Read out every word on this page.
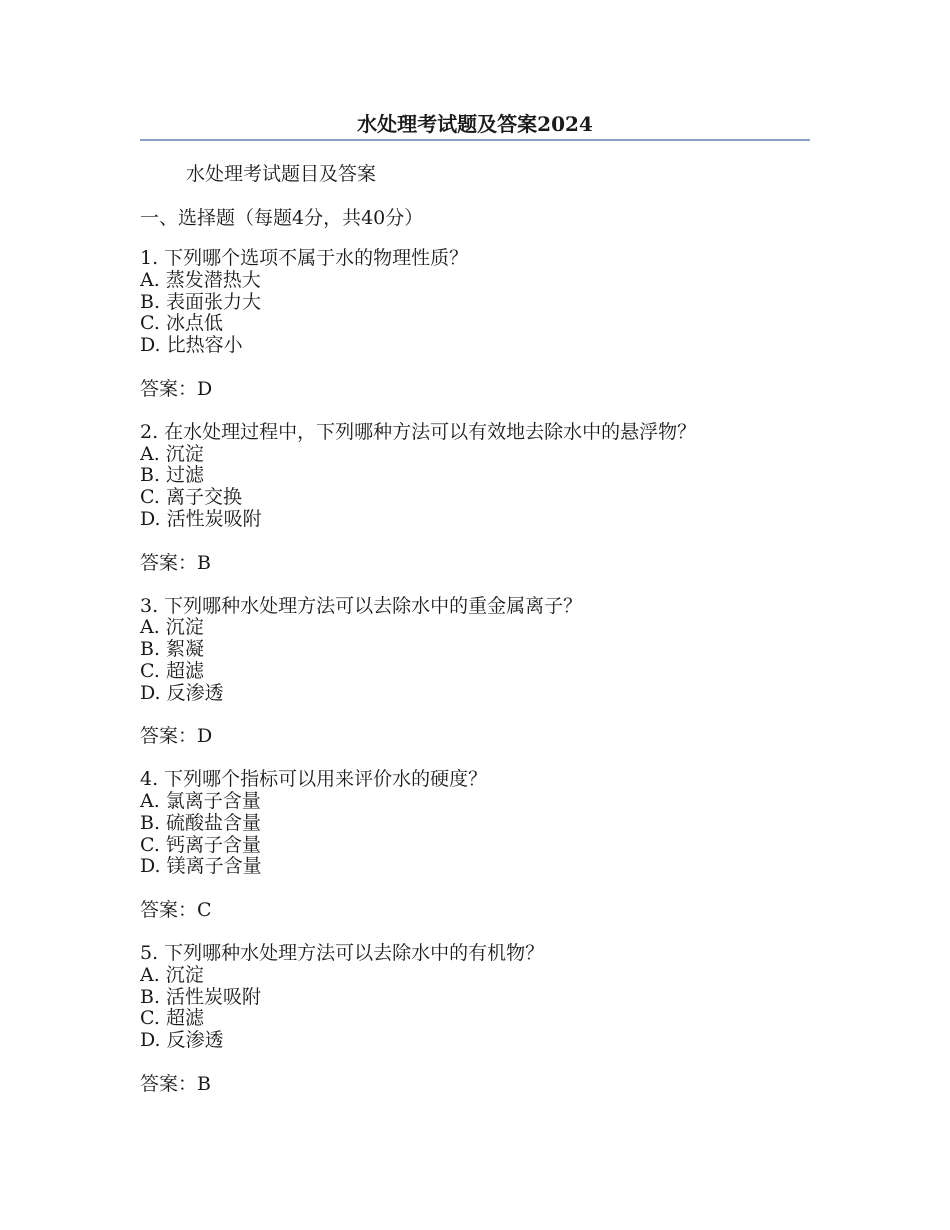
水处理考试题及答案2024
水处理考试题目及答案
一、选择题（每题4分，共40分）
1. 下列哪个选项不属于水的物理性质？
A. 蒸发潜热大
B. 表面张力大
C. 冰点低
D. 比热容小
答案：D
2. 在水处理过程中，下列哪种方法可以有效地去除水中的悬浮物？
A. 沉淀
B. 过滤
C. 离子交换
D. 活性炭吸附
答案：B
3. 下列哪种水处理方法可以去除水中的重金属离子？
A. 沉淀
B. 絮凝
C. 超滤
D. 反渗透
答案：D
4. 下列哪个指标可以用来评价水的硬度？
A. 氯离子含量
B. 硫酸盐含量
C. 钙离子含量
D. 镁离子含量
答案：C
5. 下列哪种水处理方法可以去除水中的有机物？
A. 沉淀
B. 活性炭吸附
C. 超滤
D. 反渗透
答案：B
